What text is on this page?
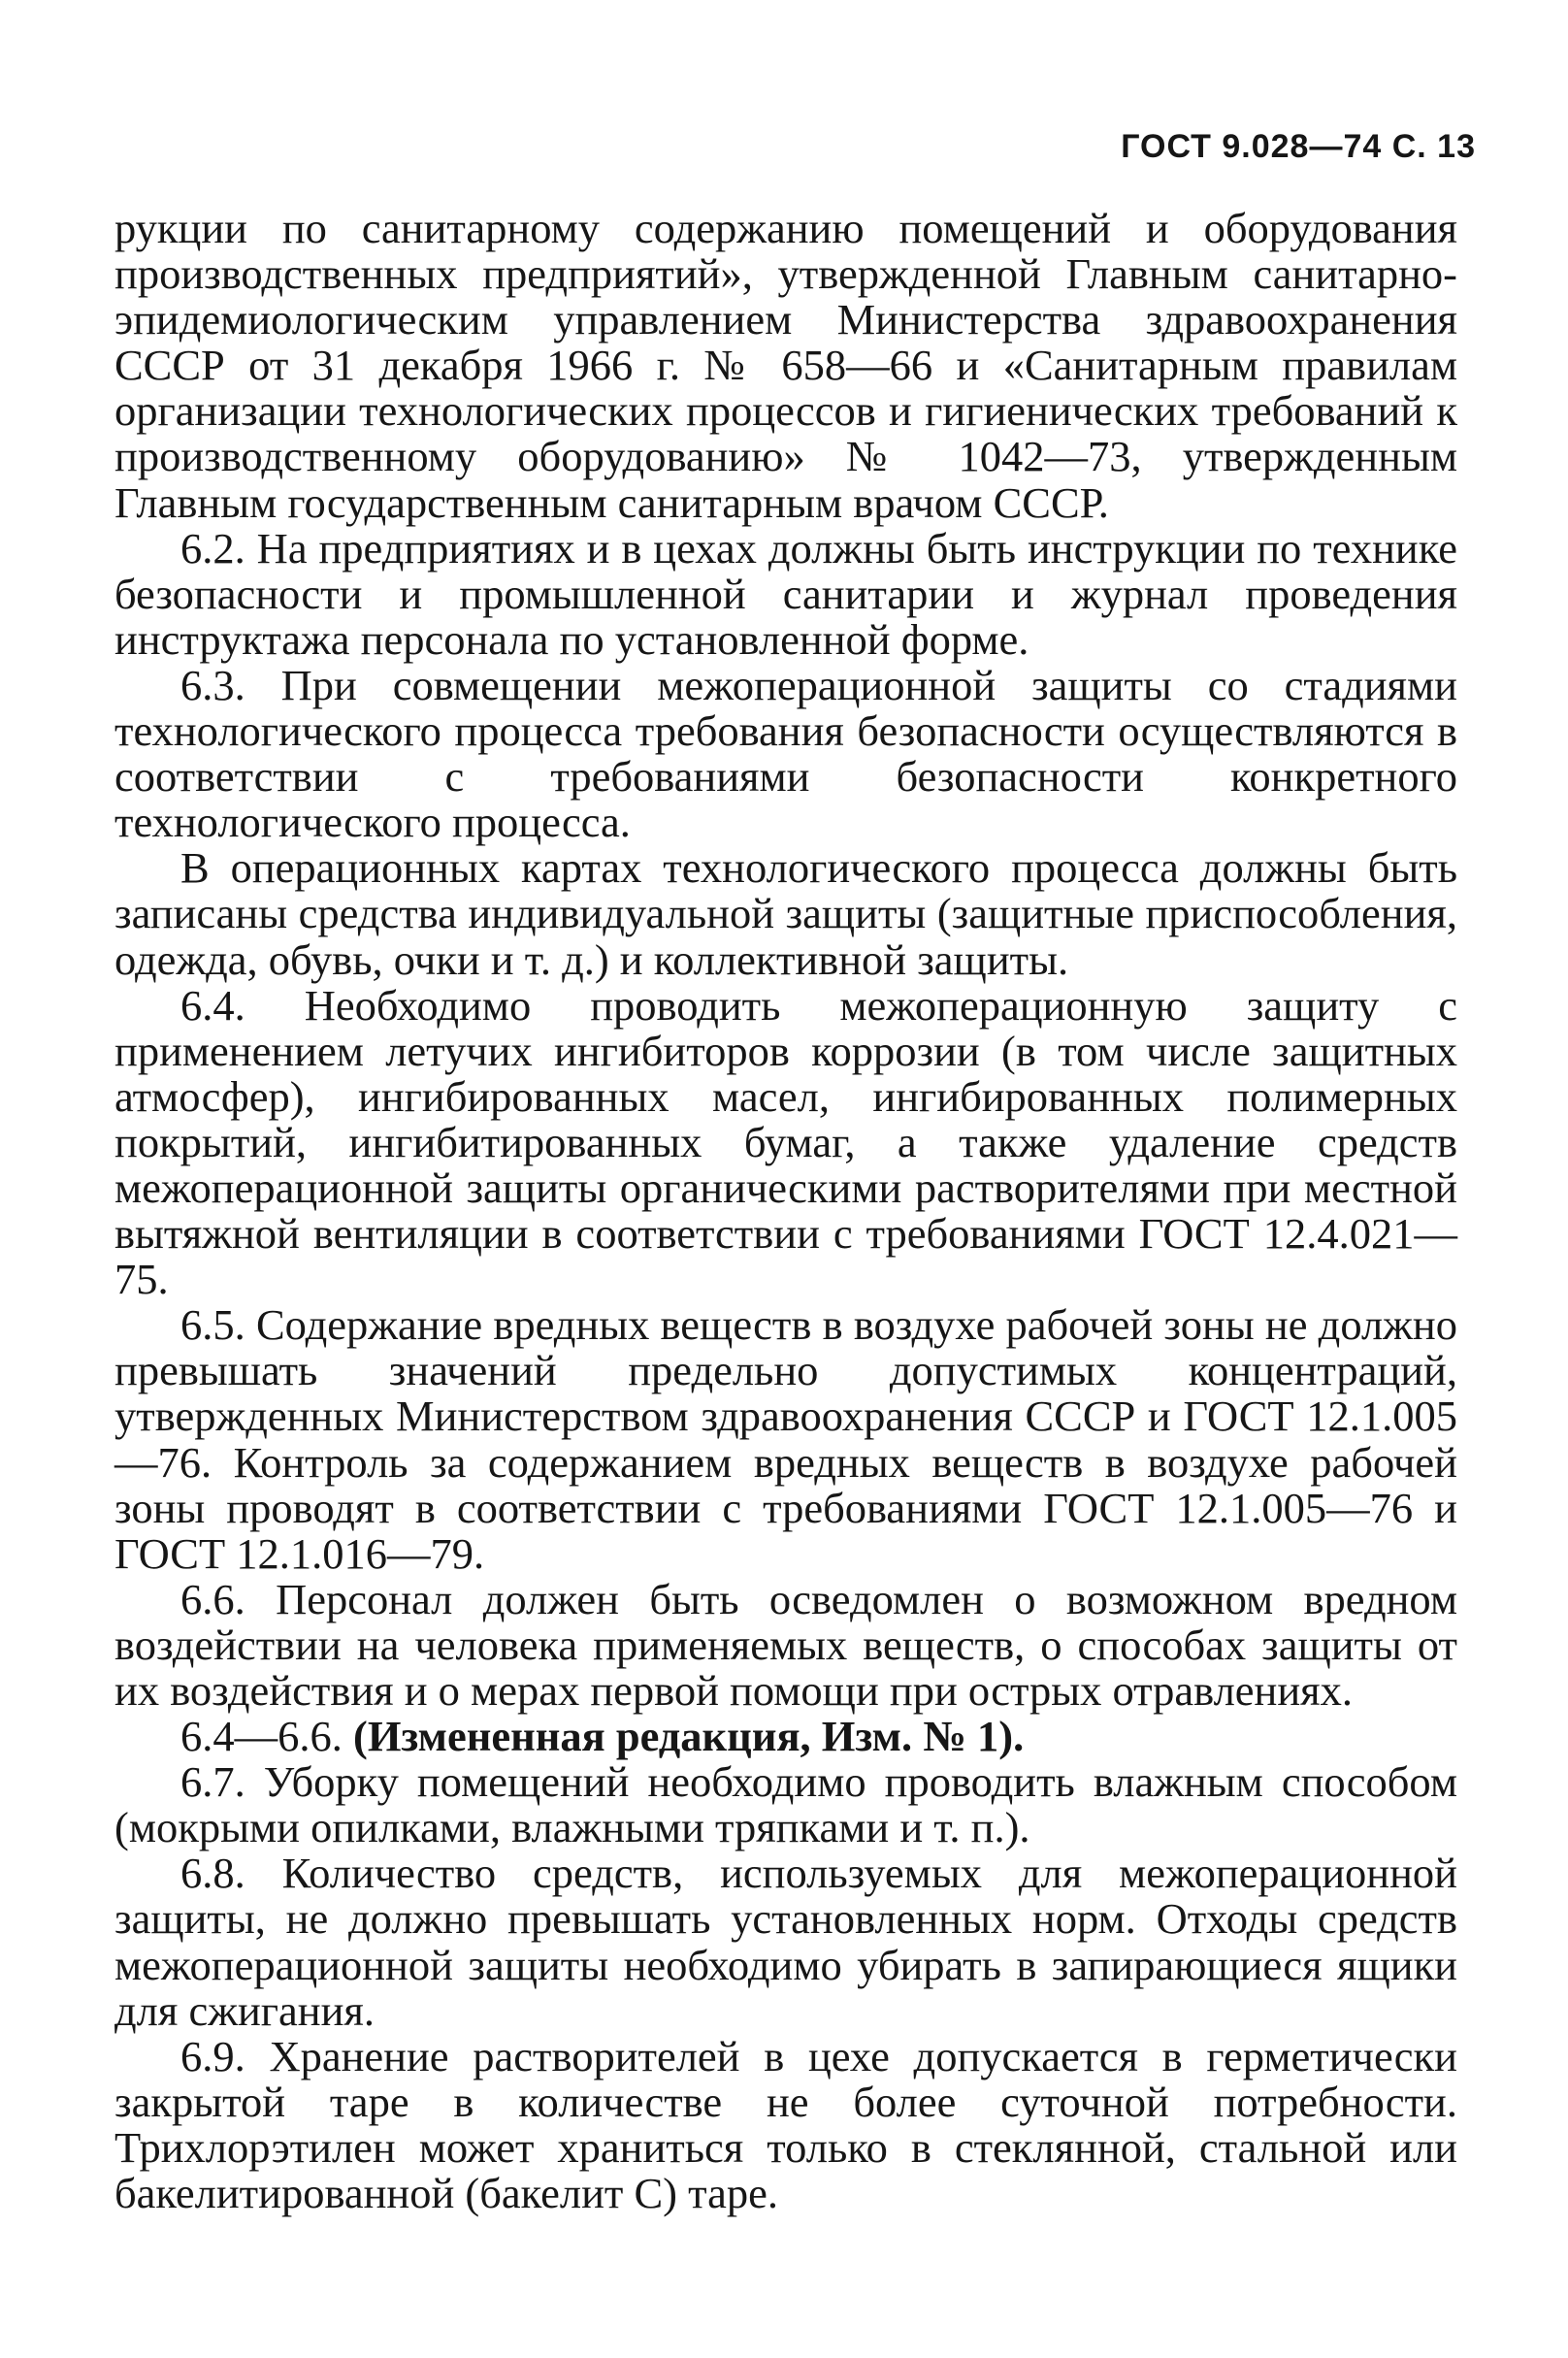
ГОСТ 9.028—74 С. 13

рукции по санитарному содержанию помещений и оборудования производственных предприятий», утвержденной Главным санитарно-эпидемиологическим управлением Министерства здравоохранения СССР от 31 декабря 1966 г. № 658—66 и «Санитарным правилам организации технологических процессов и гигиенических требований к производственному оборудованию» № 1042—73, утвержденным Главным государственным санитарным врачом СССР.

6.2. На предприятиях и в цехах должны быть инструкции по технике безопасности и промышленной санитарии и журнал проведения инструктажа персонала по установленной форме.

6.3. При совмещении межоперационной защиты со стадиями технологического процесса требования безопасности осуществляются в соответствии с требованиями безопасности конкретного технологического процесса.

В операционных картах технологического процесса должны быть записаны средства индивидуальной защиты (защитные приспособления, одежда, обувь, очки и т. д.) и коллективной защиты.

6.4. Необходимо проводить межоперационную защиту с применением летучих ингибиторов коррозии (в том числе защитных атмосфер), ингибированных масел, ингибированных полимерных покрытий, ингибитированных бумаг, а также удаление средств межоперационной защиты органическими растворителями при местной вытяжной вентиляции в соответствии с требованиями ГОСТ 12.4.021—75.

6.5. Содержание вредных веществ в воздухе рабочей зоны не должно превышать значений предельно допустимых концентраций, утвержденных Министерством здравоохранения СССР и ГОСТ 12.1.005—76. Контроль за содержанием вредных веществ в воздухе рабочей зоны проводят в соответствии с требованиями ГОСТ 12.1.005—76 и ГОСТ 12.1.016—79.

6.6. Персонал должен быть осведомлен о возможном вредном воздействии на человека применяемых веществ, о способах защиты от их воздействия и о мерах первой помощи при острых отравлениях.

6.4—6.6. (Измененная редакция, Изм. № 1).

6.7. Уборку помещений необходимо проводить влажным способом (мокрыми опилками, влажными тряпками и т. п.).

6.8. Количество средств, используемых для межоперационной защиты, не должно превышать установленных норм. Отходы средств межоперационной защиты необходимо убирать в запирающиеся ящики для сжигания.

6.9. Хранение растворителей в цехе допускается в герметически закрытой таре в количестве не более суточной потребности. Трихлорэтилен может храниться только в стеклянной, стальной или бакелитированной (бакелит С) таре.
